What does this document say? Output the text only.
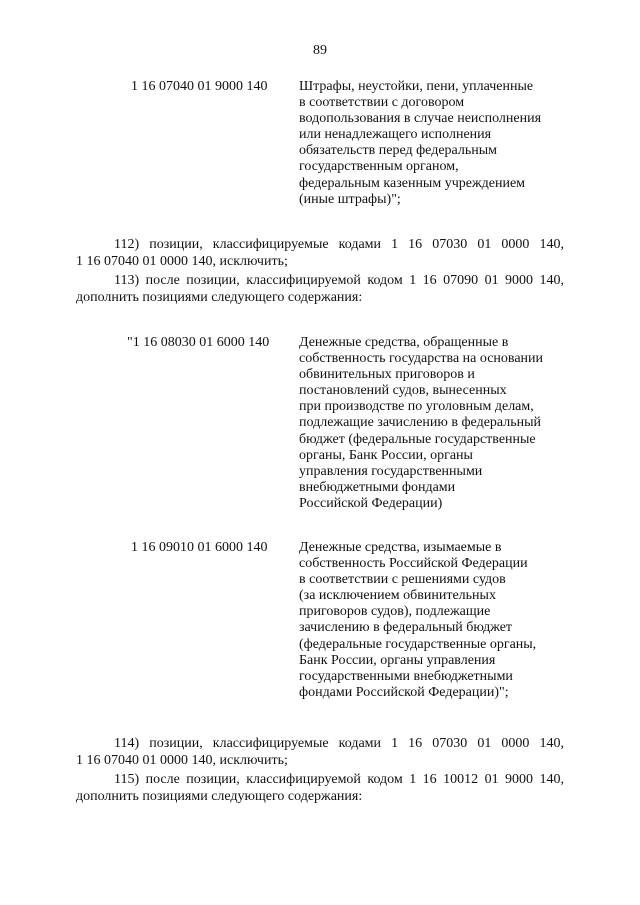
89
1 16 07040 01 9000 140 Штрафы, неустойки, пени, уплаченные
в соответствии с договором
водопользования в случае неисполнения
или ненадлежащего исполнения
обязательств перед федеральным
государственным органом,
федеральным казенным учреждением
(иные штрафы)";
112) позиции, классифицируемые кодами 1 16 07030 01 0000 140,
1 16 07040 01 0000 140, исключить;
113) после позиции, классифицируемой кодом 1 16 07090 01 9000 140,
дополнить позициями следующего содержания:
"1 16 08030 01 6000 140 Денежные средства, обращенные в
собственность государства на основании
обвинительных приговоров и
постановлений судов, вынесенных
при производстве по уголовным делам,
подлежащие зачислению в федеральный
бюджет (федеральные государственные
органы, Банк России, органы
управления государственными
внебюджетными фондами
Российской Федерации)
1 16 09010 01 6000 140 Денежные средства, изымаемые в
собственность Российской Федерации
в соответствии с решениями судов
(за исключением обвинительных
приговоров судов), подлежащие
зачислению в федеральный бюджет
(федеральные государственные органы,
Банк России, органы управления
государственными внебюджетными
фондами Российской Федерации)";
114) позиции, классифицируемые кодами 1 16 07030 01 0000 140,
1 16 07040 01 0000 140, исключить;
115) после позиции, классифицируемой кодом 1 16 10012 01 9000 140,
дополнить позициями следующего содержания:
